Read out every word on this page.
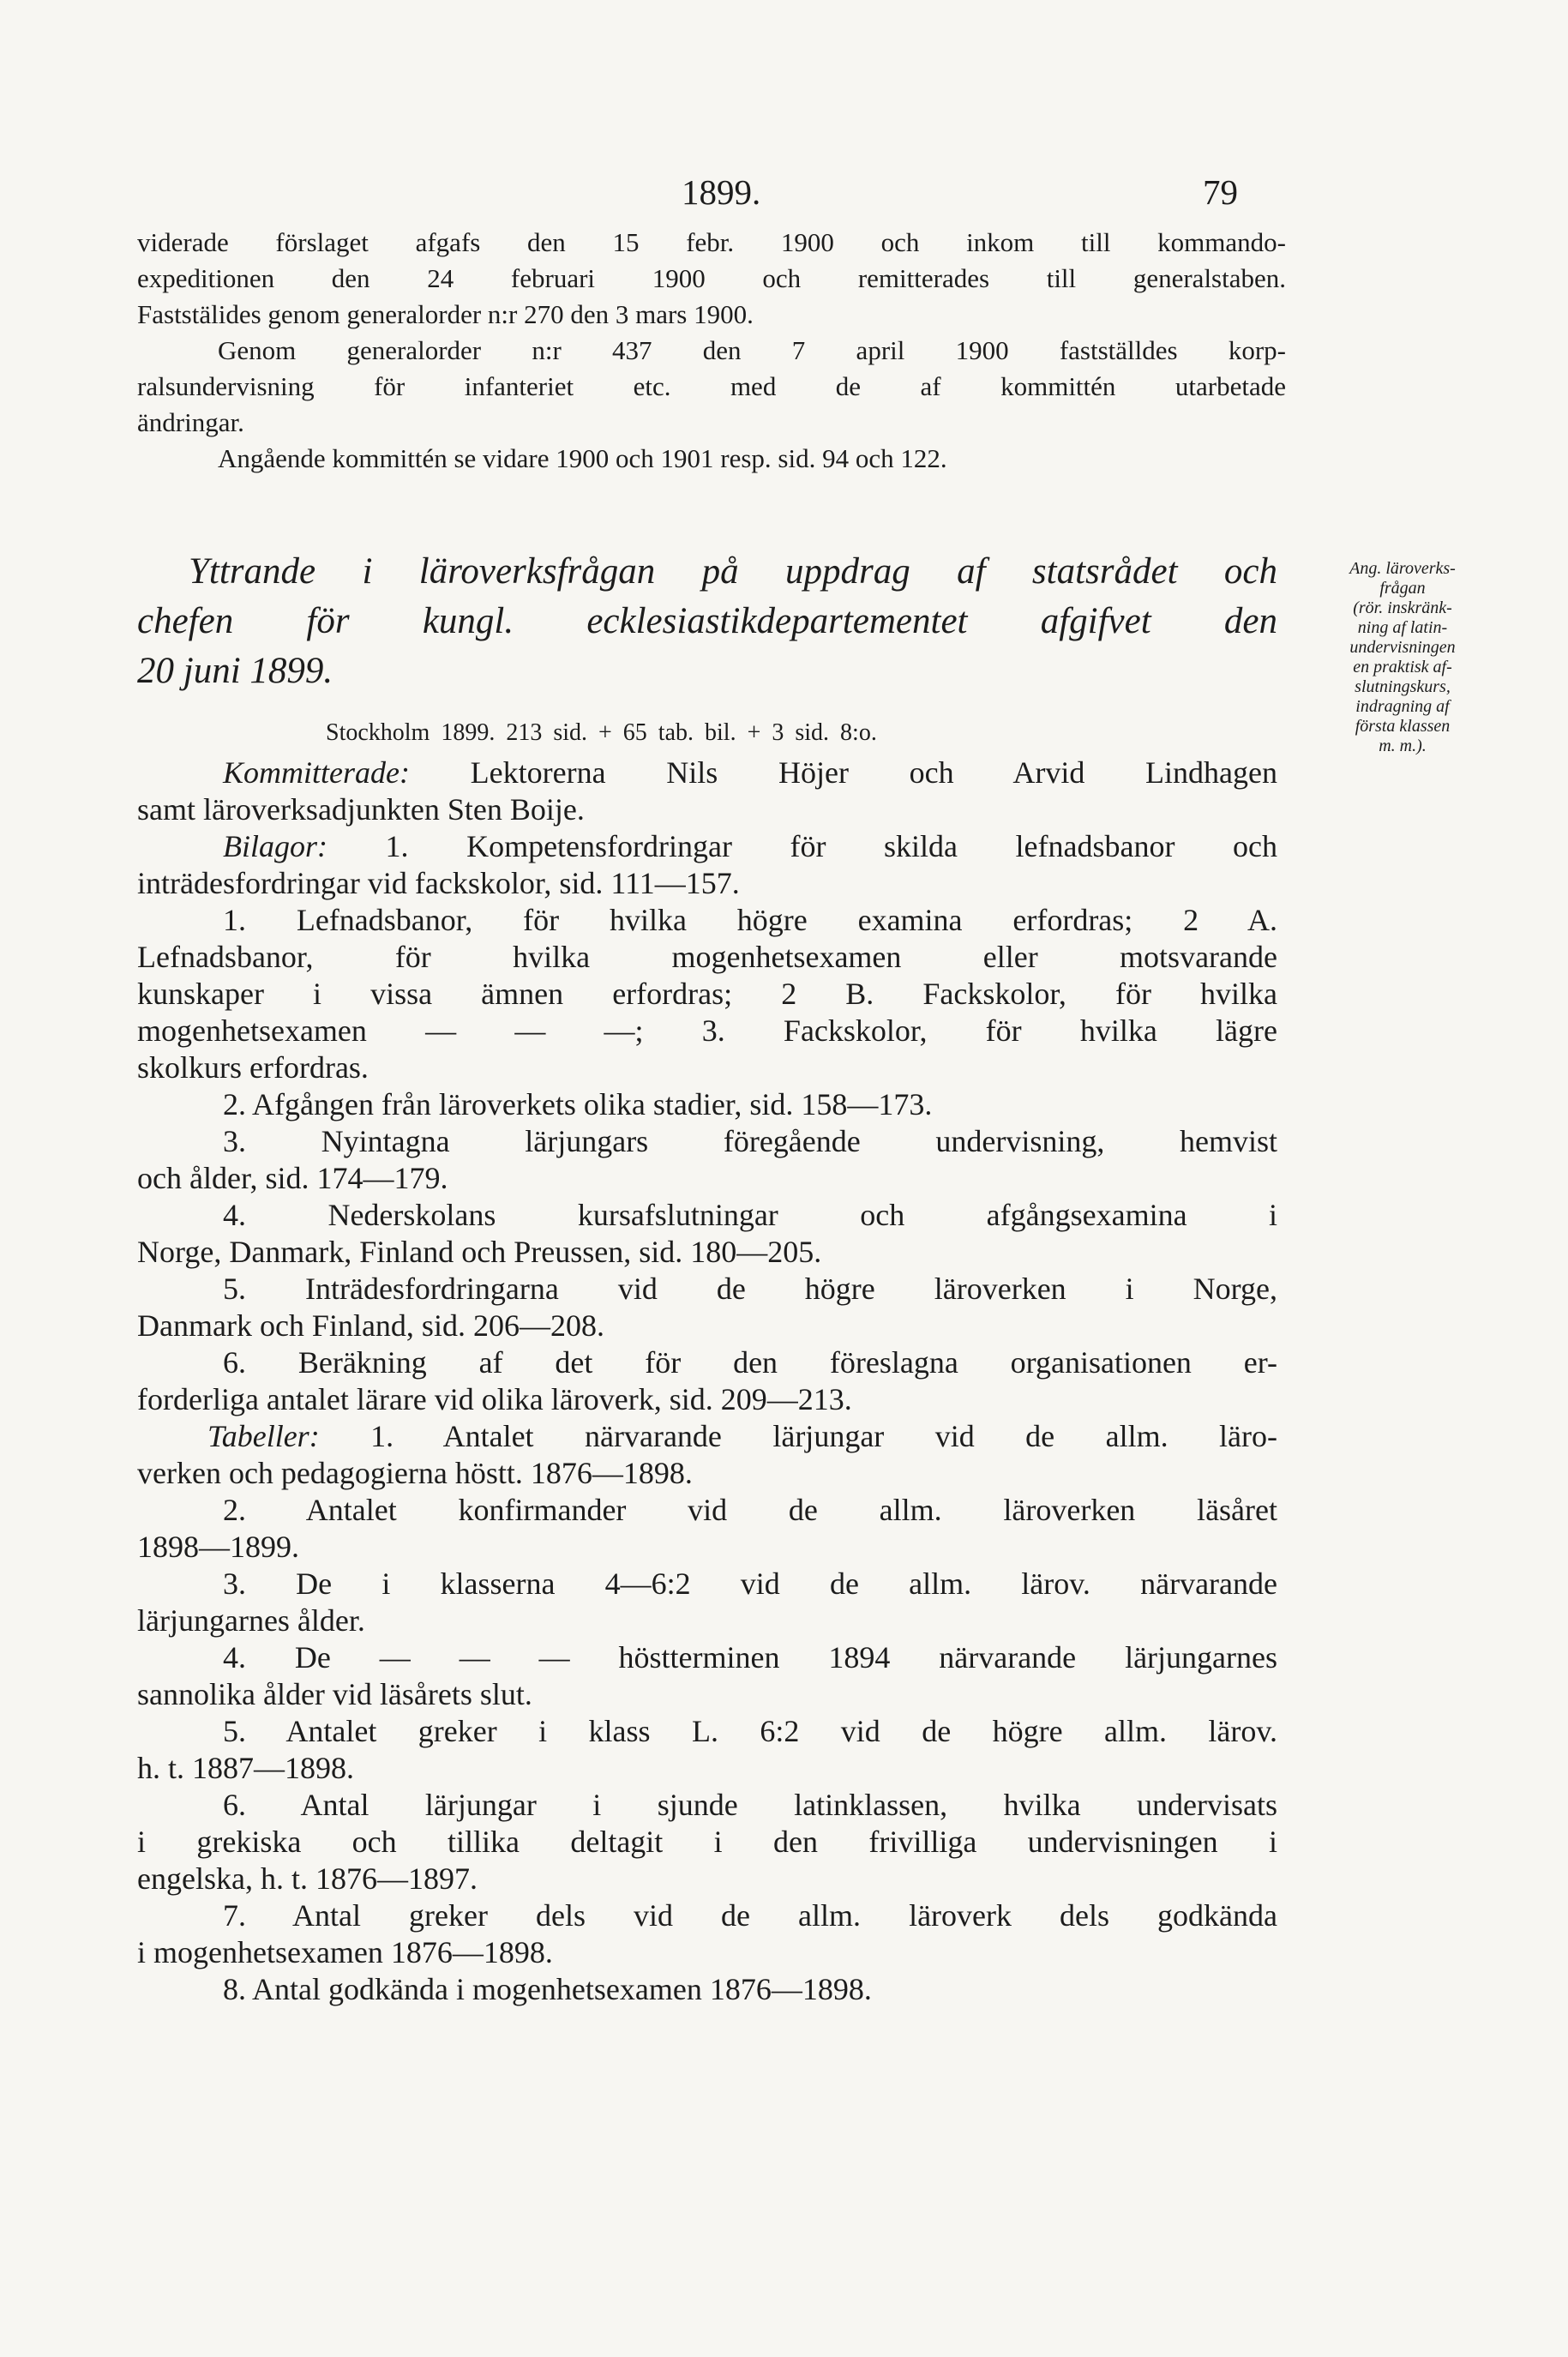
1899.	79
viderade förslaget afgafs den 15 febr. 1900 och inkom till kommando-
expeditionen den 24 februari 1900 och remitterades till generalstaben.
Faststälides genom generalorder n:r 270 den 3 mars 1900.
Genom generalorder n:r 437 den 7 april 1900 fastställdes korp-
ralsundervisning för infanteriet etc. med de af kommittén utarbetade
ändringar.
Angående kommittén se vidare 1900 och 1901 resp. sid. 94 och 122.
Yttrande i läroverksfrågan på uppdrag af statsrådet och
chefen för kungl. ecklesiastikdepartementet afgifvet den
20 juni 1899.
Stockholm 1899. 213 sid. + 65 tab. bil. + 3 sid. 8:o.
Ang. läroverks-
frågan
(rör. inskränk-
ning af latin-
undervisningen
en praktisk af-
slutningskurs,
indragning af
första klassen
m. m.).
Kommitterade: Lektorerna Nils Höjer och Arvid Lindhagen
samt läroverksadjunkten Sten Boije.
Bilagor: 1. Kompetensfordringar för skilda lefnadsbanor och
inträdesfordringar vid fackskolor, sid. 111—157.
1. Lefnadsbanor, för hvilka högre examina erfordras; 2 A.
Lefnadsbanor, för hvilka mogenhetsexamen eller motsvarande
kunskaper i vissa ämnen erfordras; 2 B. Fackskolor, för hvilka
mogenhetsexamen — — —; 3. Fackskolor, för hvilka lägre
skolkurs erfordras.
2. Afgången från läroverkets olika stadier, sid. 158—173.
3. Nyintagna lärjungars föregående undervisning, hemvist
och ålder, sid. 174—179.
4. Nederskolans kursafslutningar och afgångsexamina i
Norge, Danmark, Finland och Preussen, sid. 180—205.
5. Inträdesfordringarna vid de högre läroverken i Norge,
Danmark och Finland, sid. 206—208.
6. Beräkning af det för den föreslagna organisationen er-
forderliga antalet lärare vid olika läroverk, sid. 209—213.
Tabeller: 1. Antalet närvarande lärjungar vid de allm. läro-
verken och pedagogierna höstt. 1876—1898.
2. Antalet konfirmander vid de allm. läroverken läsåret
1898—1899.
3. De i klasserna 4—6:2 vid de allm. lärov. närvarande
lärjungarnes ålder.
4. De — — — höstterminen 1894 närvarande lärjungarnes
sannolika ålder vid läsårets slut.
5. Antalet greker i klass L. 6:2 vid de högre allm. lärov.
h. t. 1887—1898.
6. Antal lärjungar i sjunde latinklassen, hvilka undervisats
i grekiska och tillika deltagit i den frivilliga undervisningen i
engelska, h. t. 1876—1897.
7. Antal greker dels vid de allm. läroverk dels godkända
i mogenhetsexamen 1876—1898.
8. Antal godkända i mogenhetsexamen 1876—1898.
